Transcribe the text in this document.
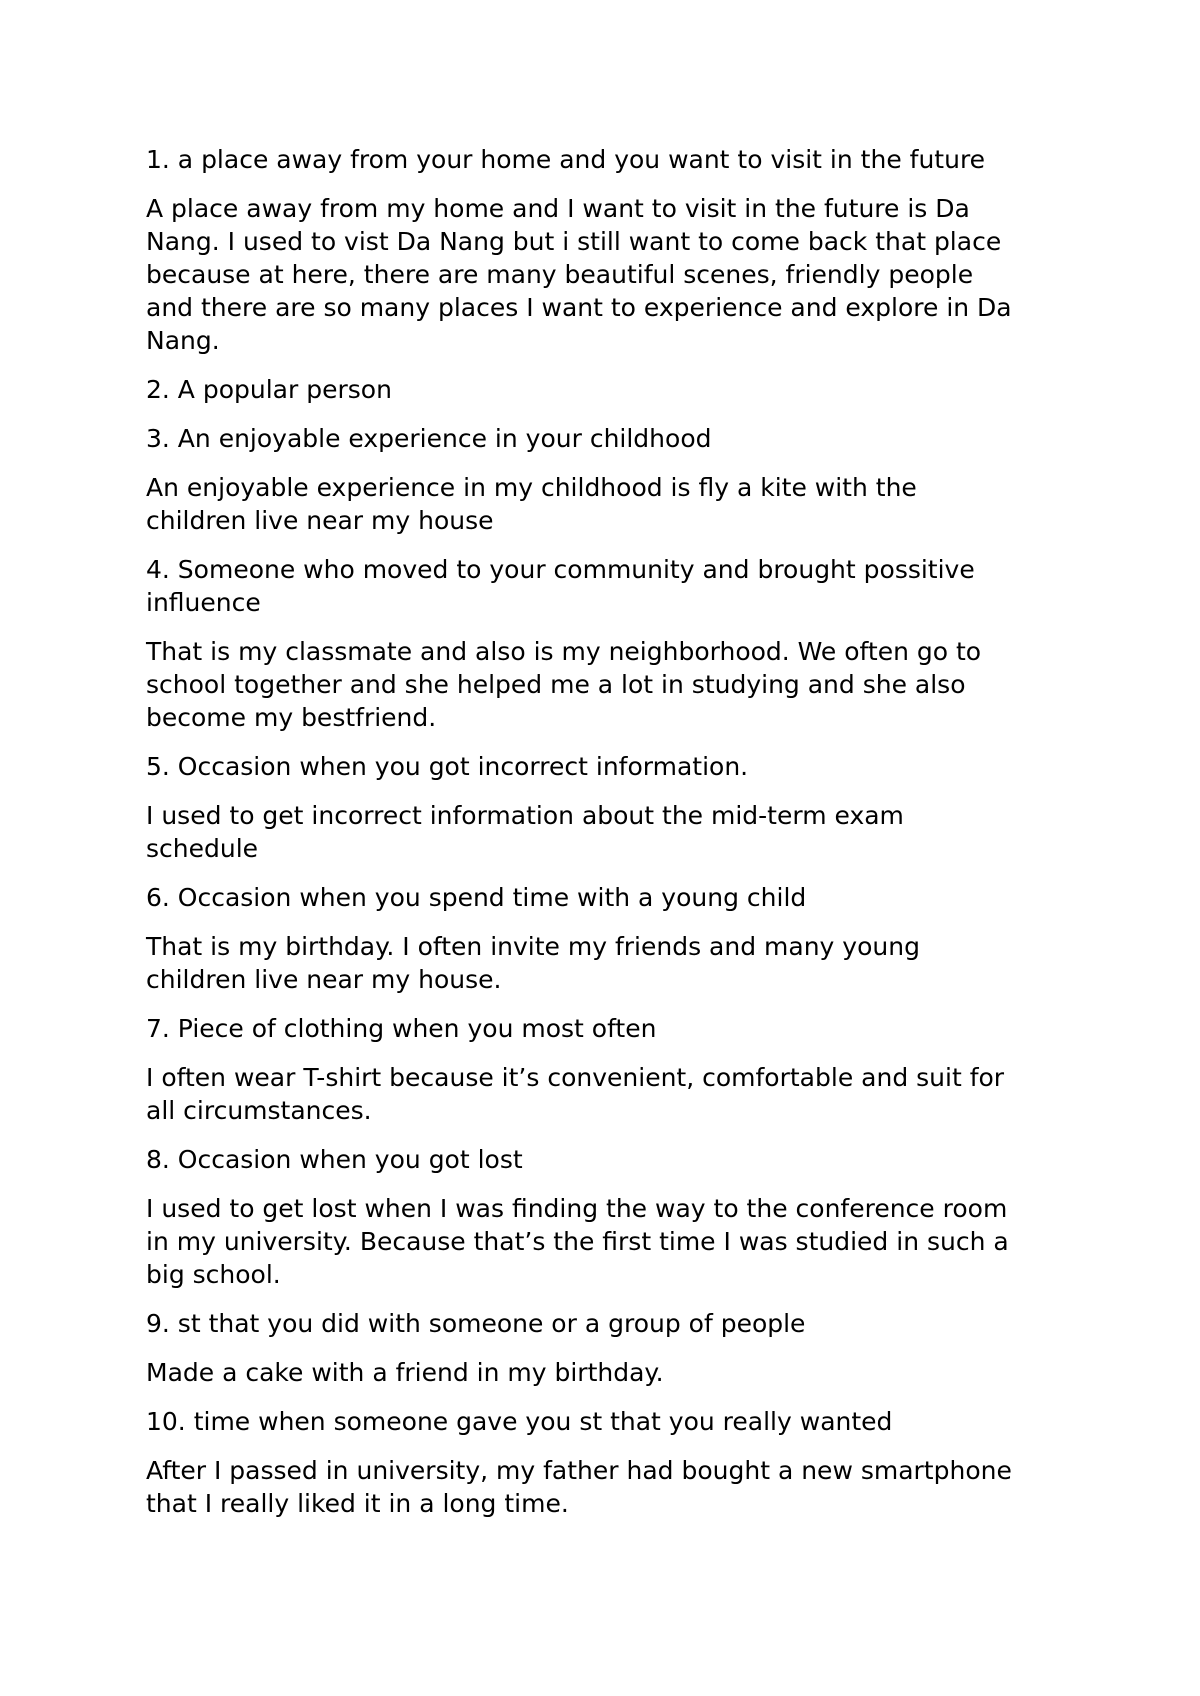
1. a place away from your home and you want to visit in the future

A place away from my home and I want to visit in the future is Da
Nang. I used to vist Da Nang but i still want to come back that place
because at here, there are many beautiful scenes, friendly people
and there are so many places I want to experience and explore in Da
Nang.

2. A popular person

3. An enjoyable experience in your childhood

An enjoyable experience in my childhood is fly a kite with the
children live near my house

4. Someone who moved to your community and brought possitive
influence

That is my classmate and also is my neighborhood. We often go to
school together and she helped me a lot in studying and she also
become my bestfriend.

5. Occasion when you got incorrect information.

I used to get incorrect information about the mid-term exam
schedule

6. Occasion when you spend time with a young child

That is my birthday. I often invite my friends and many young
children live near my house.

7. Piece of clothing when you most often

I often wear T-shirt because it’s convenient, comfortable and suit for
all circumstances.

8. Occasion when you got lost

I used to get lost when I was finding the way to the conference room
in my university. Because that’s the first time I was studied in such a
big school.

9. st that you did with someone or a group of people

Made a cake with a friend in my birthday.

10. time when someone gave you st that you really wanted

After I passed in university, my father had bought a new smartphone
that I really liked it in a long time.
